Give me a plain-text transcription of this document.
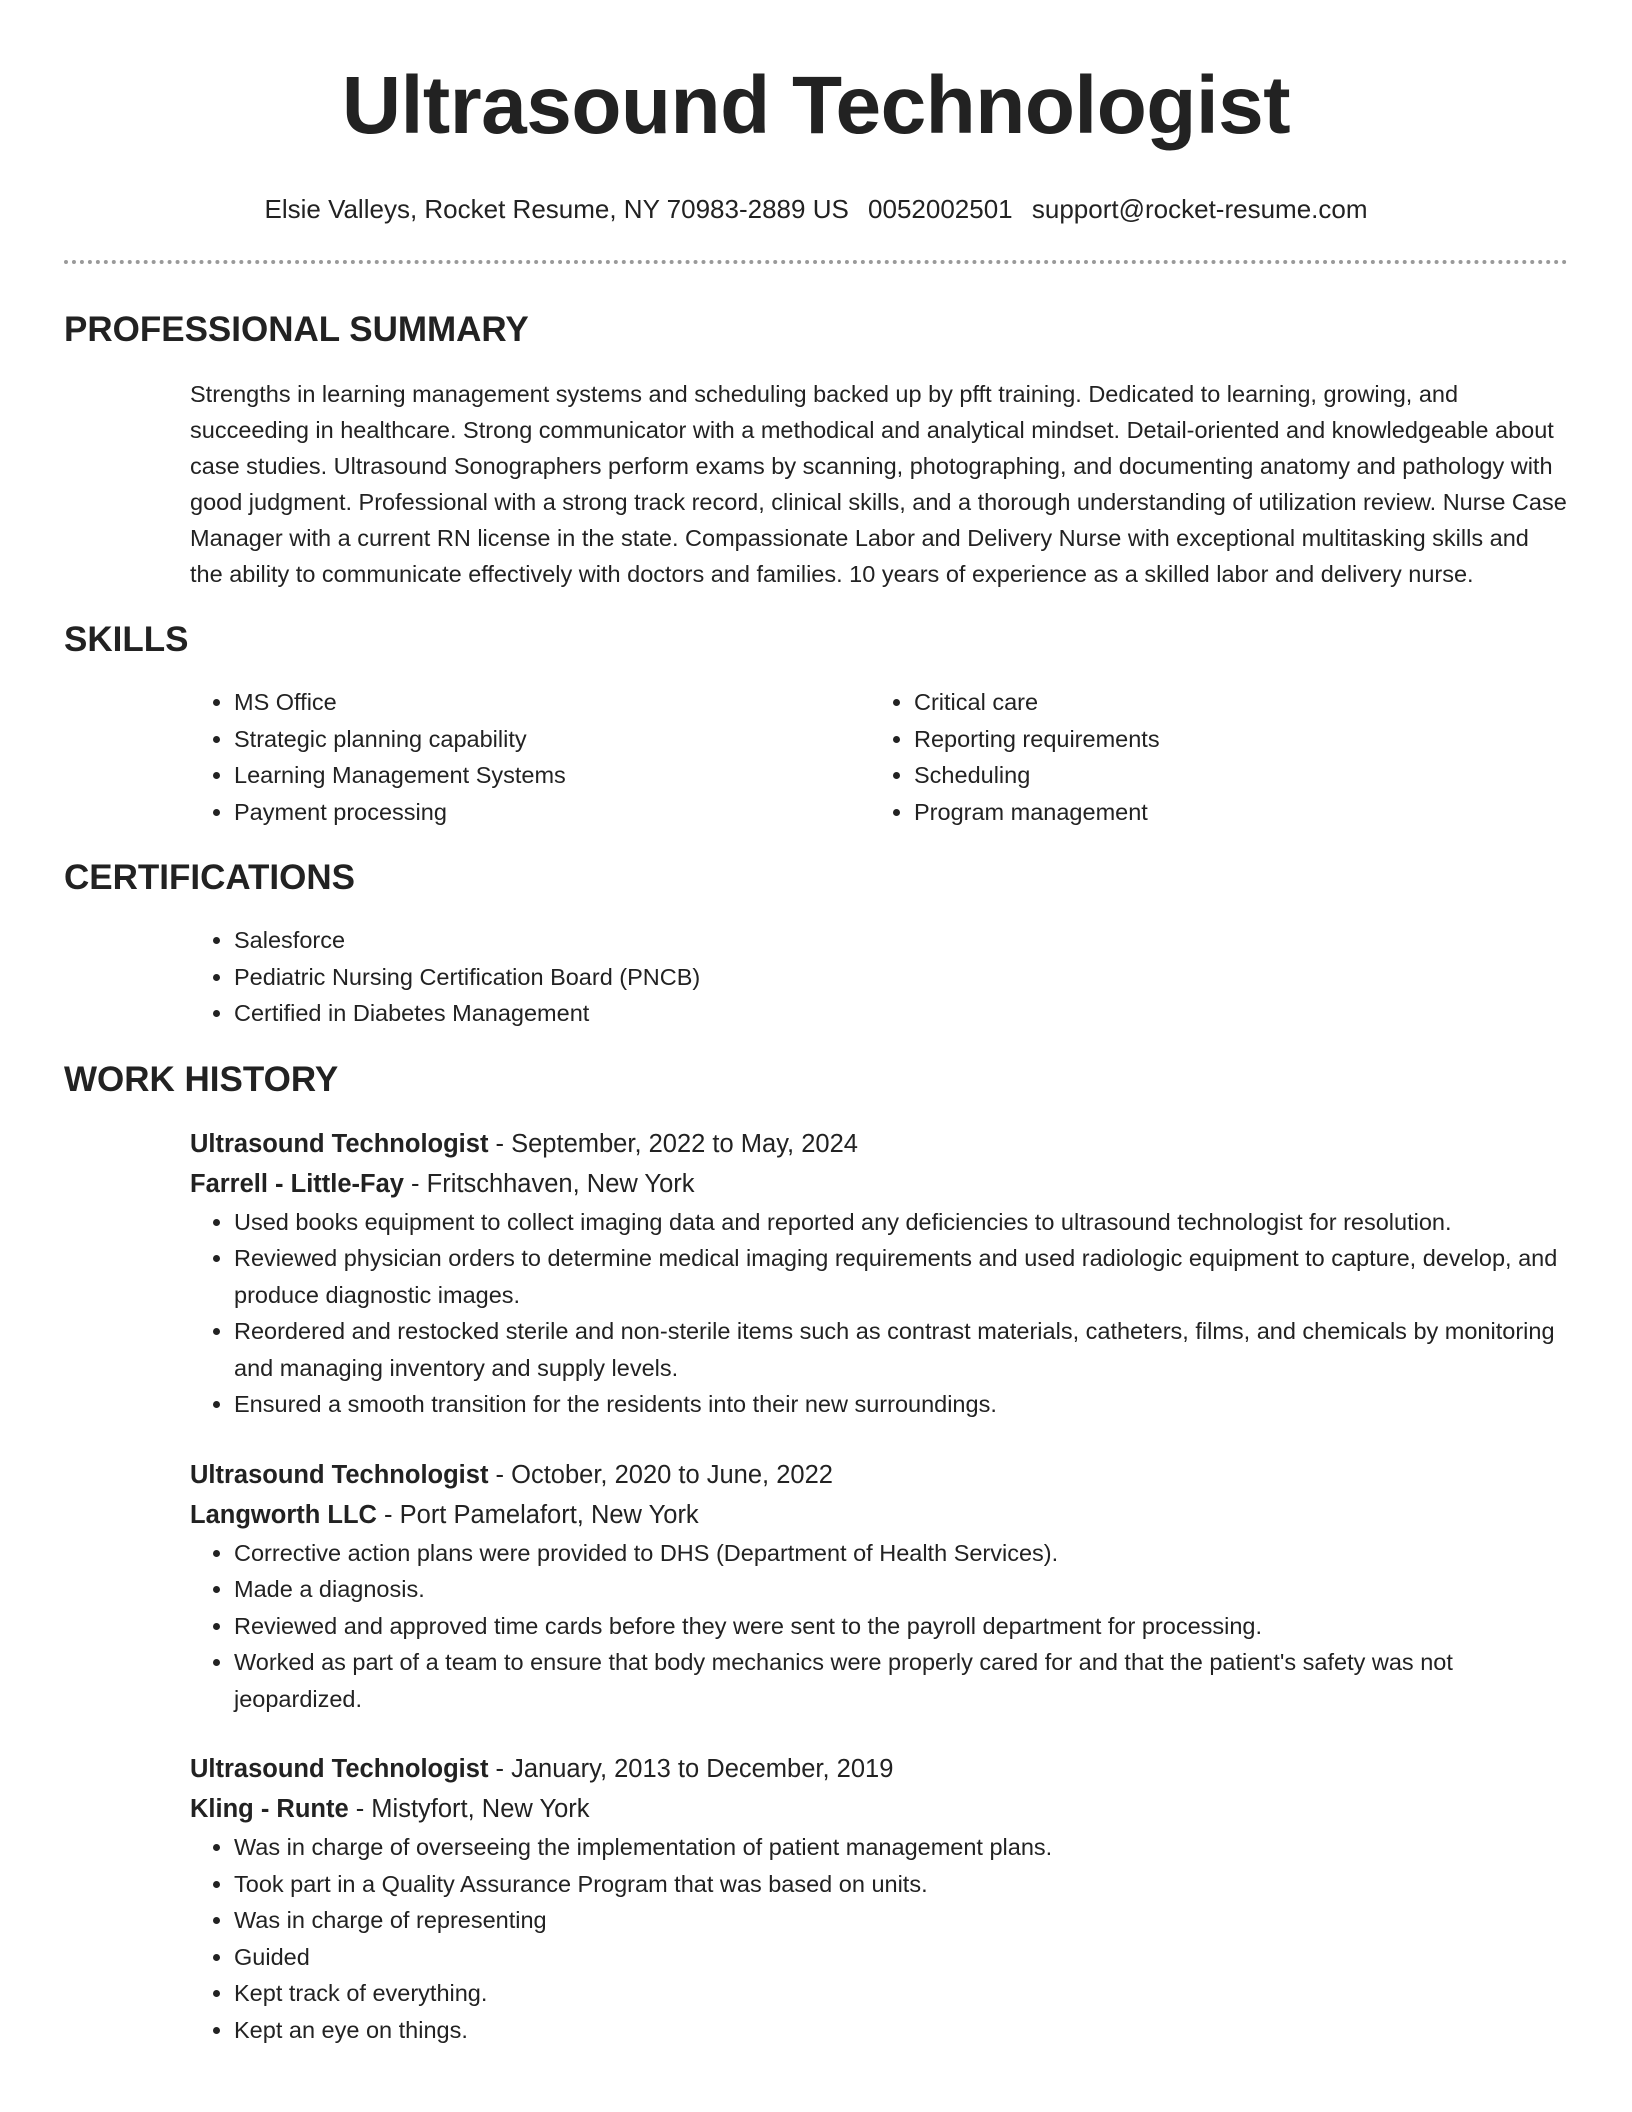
Ultrasound Technologist
Elsie Valleys, Rocket Resume, NY 70983-2889 US 0052002501 support@rocket-resume.com
PROFESSIONAL SUMMARY

Strengths in learning management systems and scheduling backed up by pfft training. Dedicated to learning, growing, and succeeding in healthcare. Strong communicator with a methodical and analytical mindset. Detail-oriented and knowledgeable about case studies. Ultrasound Sonographers perform exams by scanning, photographing, and documenting anatomy and pathology with good judgment. Professional with a strong track record, clinical skills, and a thorough understanding of utilization review. Nurse Case Manager with a current RN license in the state. Compassionate Labor and Delivery Nurse with exceptional multitasking skills and the ability to communicate effectively with doctors and families. 10 years of experience as a skilled labor and delivery nurse.

SKILLS
• MS Office
• Strategic planning capability
• Learning Management Systems
• Payment processing
• Critical care
• Reporting requirements
• Scheduling
• Program management
CERTIFICATIONS
• Salesforce
• Pediatric Nursing Certification Board (PNCB)
• Certified in Diabetes Management
WORK HISTORY
Ultrasound Technologist - September, 2022 to May, 2024
Farrell - Little-Fay - Fritschhaven, New York
• Used books equipment to collect imaging data and reported any deficiencies to ultrasound technologist for resolution.
• Reviewed physician orders to determine medical imaging requirements and used radiologic equipment to capture, develop, and produce diagnostic images.
• Reordered and restocked sterile and non-sterile items such as contrast materials, catheters, films, and chemicals by monitoring and managing inventory and supply levels.
• Ensured a smooth transition for the residents into their new surroundings.
Ultrasound Technologist - October, 2020 to June, 2022
Langworth LLC - Port Pamelafort, New York
• Corrective action plans were provided to DHS (Department of Health Services).
• Made a diagnosis.
• Reviewed and approved time cards before they were sent to the payroll department for processing.
• Worked as part of a team to ensure that body mechanics were properly cared for and that the patient's safety was not jeopardized.
Ultrasound Technologist - January, 2013 to December, 2019
Kling - Runte - Mistyfort, New York
• Was in charge of overseeing the implementation of patient management plans.
• Took part in a Quality Assurance Program that was based on units.
• Was in charge of representing
• Guided
• Kept track of everything.
• Kept an eye on things.
